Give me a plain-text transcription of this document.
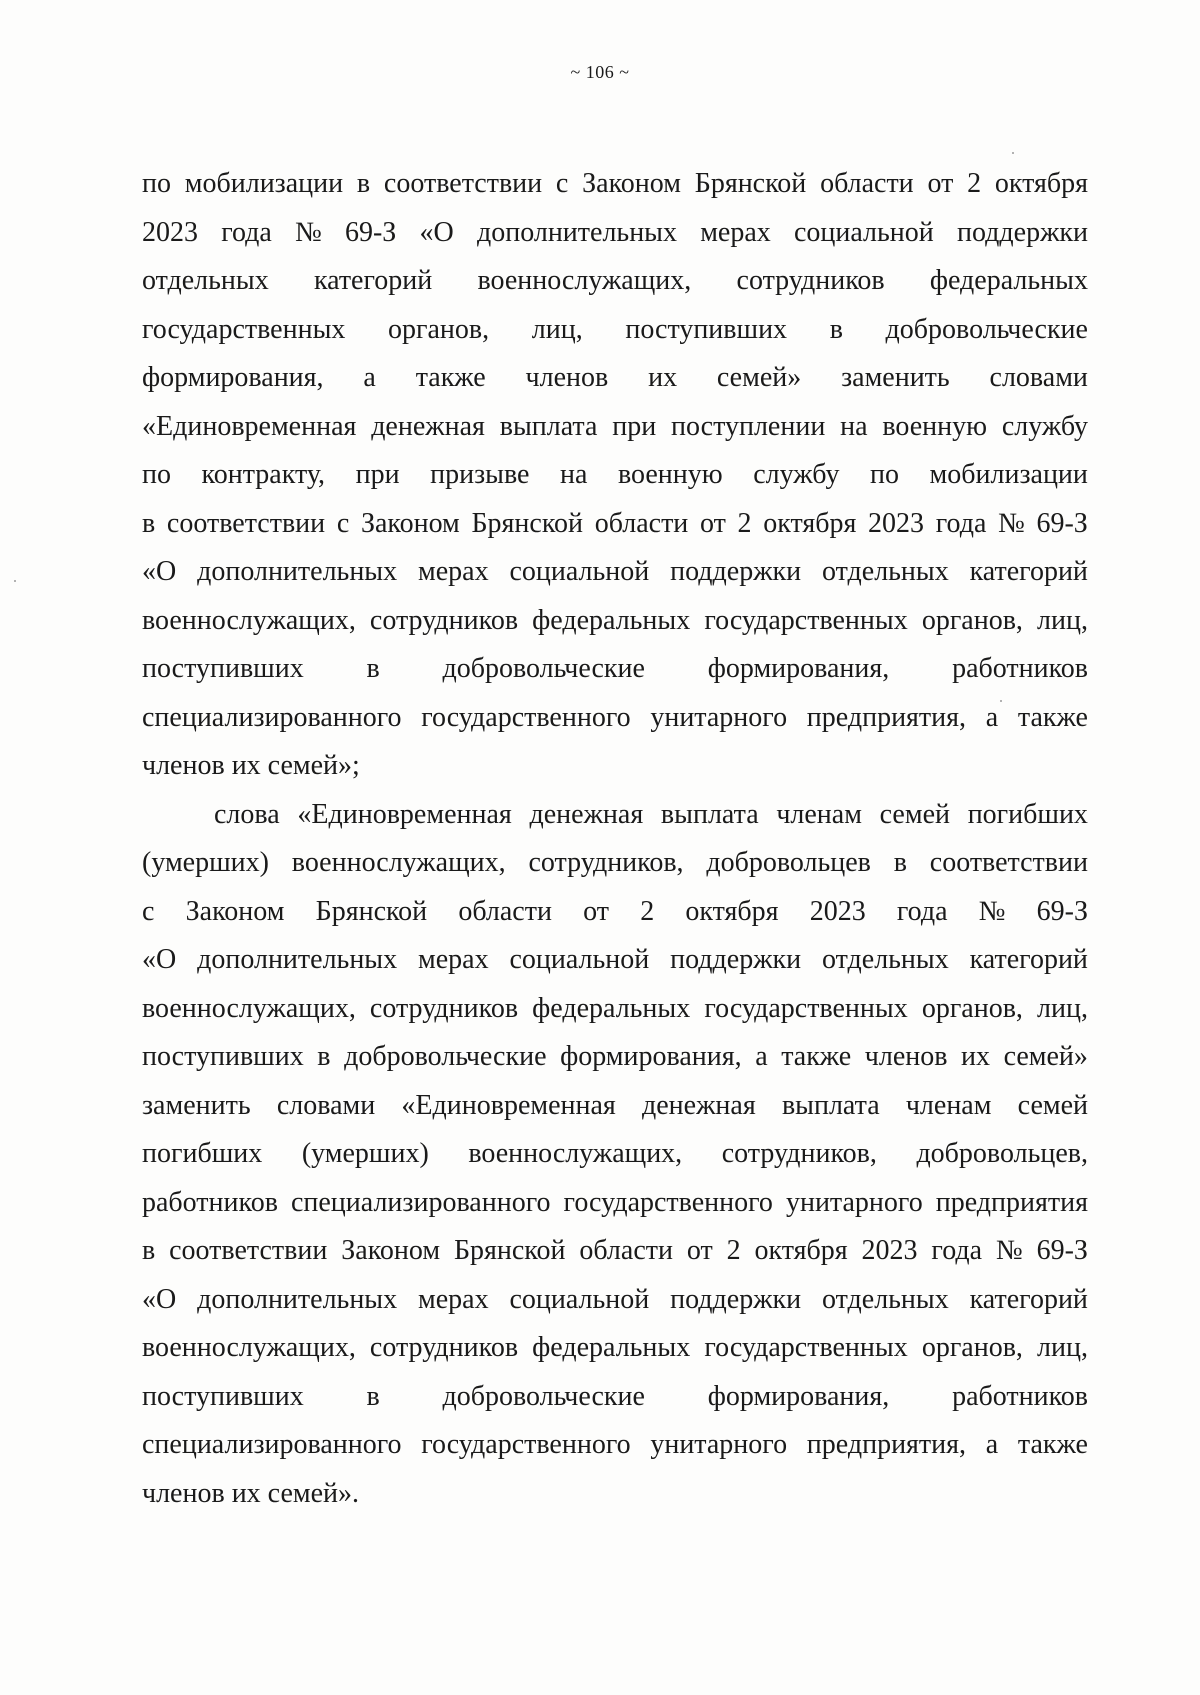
~ 106 ~
по мобилизации в соответствии с Законом Брянской области от 2 октября
2023 года № 69-З «О дополнительных мерах социальной поддержки
отдельных категорий военнослужащих, сотрудников федеральных
государственных органов, лиц, поступивших в добровольческие
формирования, а также членов их семей» заменить словами
«Единовременная денежная выплата при поступлении на военную службу
по контракту, при призыве на военную службу по мобилизации
в соответствии с Законом Брянской области от 2 октября 2023 года № 69-З
«О дополнительных мерах социальной поддержки отдельных категорий
военнослужащих, сотрудников федеральных государственных органов, лиц,
поступивших в добровольческие формирования, работников
специализированного государственного унитарного предприятия, а также
членов их семей»;
слова «Единовременная денежная выплата членам семей погибших
(умерших) военнослужащих, сотрудников, добровольцев в соответствии
с Законом Брянской области от 2 октября 2023 года № 69-З
«О дополнительных мерах социальной поддержки отдельных категорий
военнослужащих, сотрудников федеральных государственных органов, лиц,
поступивших в добровольческие формирования, а также членов их семей»
заменить словами «Единовременная денежная выплата членам семей
погибших (умерших) военнослужащих, сотрудников, добровольцев,
работников специализированного государственного унитарного предприятия
в соответствии Законом Брянской области от 2 октября 2023 года № 69-З
«О дополнительных мерах социальной поддержки отдельных категорий
военнослужащих, сотрудников федеральных государственных органов, лиц,
поступивших в добровольческие формирования, работников
специализированного государственного унитарного предприятия, а также
членов их семей».
